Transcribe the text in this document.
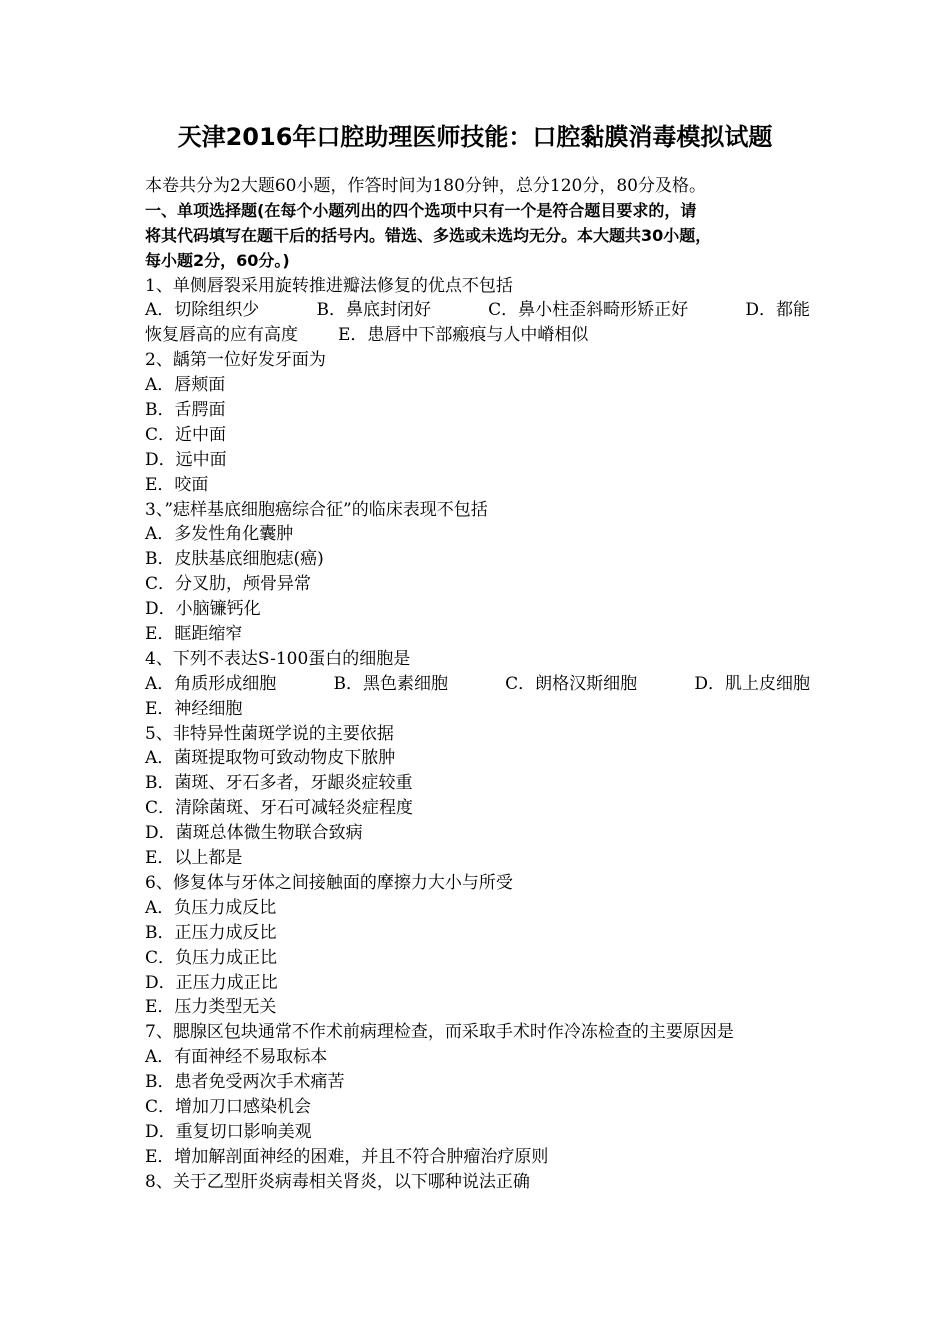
天津2016年口腔助理医师技能：口腔黏膜消毒模拟试题
本卷共分为2大题60小题，作答时间为180分钟，总分120分，80分及格。
一、单项选择题(在每个小题列出的四个选项中只有一个是符合题目要求的，请
将其代码填写在题干后的括号内。错选、多选或未选均无分。本大题共30小题，
每小题2分，60分。)
1、单侧唇裂采用旋转推进瓣法修复的优点不包括
A．切除组织少	B．鼻底封闭好	C．鼻小柱歪斜畸形矫正好	D．都能
恢复唇高的应有高度 E．患唇中下部瘢痕与人中嵴相似
2、龋第一位好发牙面为
A．唇颊面
B．舌腭面
C．近中面
D．远中面
E．咬面
3、”痣样基底细胞癌综合征”的临床表现不包括
A．多发性角化囊肿
B．皮肤基底细胞痣(癌)
C．分叉肋，颅骨异常
D．小脑镰钙化
E．眶距缩窄
4、下列不表达S-100蛋白的细胞是
A．角质形成细胞	B．黑色素细胞	C．朗格汉斯细胞	D．肌上皮细胞
E．神经细胞
5、非特异性菌斑学说的主要依据
A．菌斑提取物可致动物皮下脓肿
B．菌斑、牙石多者，牙龈炎症较重
C．清除菌斑、牙石可减轻炎症程度
D．菌斑总体微生物联合致病
E．以上都是
6、修复体与牙体之间接触面的摩擦力大小与所受
A．负压力成反比
B．正压力成反比
C．负压力成正比
D．正压力成正比
E．压力类型无关
7、腮腺区包块通常不作术前病理检查，而采取手术时作冷冻检查的主要原因是
A．有面神经不易取标本
B．患者免受两次手术痛苦
C．增加刀口感染机会
D．重复切口影响美观
E．增加解剖面神经的困难，并且不符合肿瘤治疗原则
8、关于乙型肝炎病毒相关肾炎，以下哪种说法正确
